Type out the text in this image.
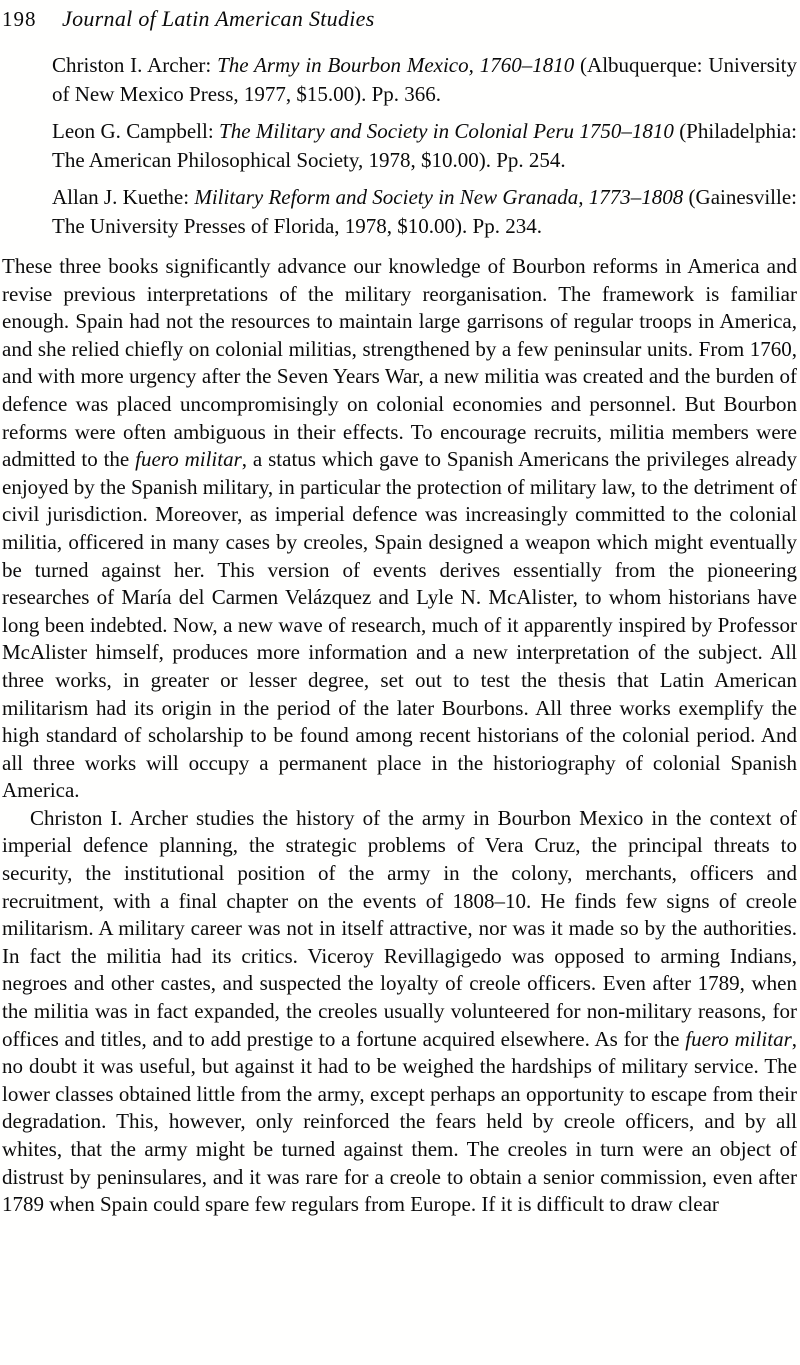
198	Journal of Latin American Studies

Christon I. Archer: The Army in Bourbon Mexico, 1760–1810 (Albuquerque: University of New Mexico Press, 1977, $15.00). Pp. 366.

Leon G. Campbell: The Military and Society in Colonial Peru 1750–1810 (Philadelphia: The American Philosophical Society, 1978, $10.00). Pp. 254.

Allan J. Kuethe: Military Reform and Society in New Granada, 1773–1808 (Gainesville: The University Presses of Florida, 1978, $10.00). Pp. 234.

These three books significantly advance our knowledge of Bourbon reforms in America and revise previous interpretations of the military reorganisation. The framework is familiar enough. Spain had not the resources to maintain large garrisons of regular troops in America, and she relied chiefly on colonial militias, strengthened by a few peninsular units. From 1760, and with more urgency after the Seven Years War, a new militia was created and the burden of defence was placed uncompromisingly on colonial economies and personnel. But Bourbon reforms were often ambiguous in their effects. To encourage recruits, militia members were admitted to the fuero militar, a status which gave to Spanish Americans the privileges already enjoyed by the Spanish military, in particular the protection of military law, to the detriment of civil jurisdiction. Moreover, as imperial defence was increasingly committed to the colonial militia, officered in many cases by creoles, Spain designed a weapon which might eventually be turned against her. This version of events derives essentially from the pioneering researches of María del Carmen Velázquez and Lyle N. McAlister, to whom historians have long been indebted. Now, a new wave of research, much of it apparently inspired by Professor McAlister himself, produces more information and a new interpretation of the subject. All three works, in greater or lesser degree, set out to test the thesis that Latin American militarism had its origin in the period of the later Bourbons. All three works exemplify the high standard of scholarship to be found among recent historians of the colonial period. And all three works will occupy a permanent place in the historiography of colonial Spanish America.

Christon I. Archer studies the history of the army in Bourbon Mexico in the context of imperial defence planning, the strategic problems of Vera Cruz, the principal threats to security, the institutional position of the army in the colony, merchants, officers and recruitment, with a final chapter on the events of 1808–10. He finds few signs of creole militarism. A military career was not in itself attractive, nor was it made so by the authorities. In fact the militia had its critics. Viceroy Revillagigedo was opposed to arming Indians, negroes and other castes, and suspected the loyalty of creole officers. Even after 1789, when the militia was in fact expanded, the creoles usually volunteered for non-military reasons, for offices and titles, and to add prestige to a fortune acquired elsewhere. As for the fuero militar, no doubt it was useful, but against it had to be weighed the hardships of military service. The lower classes obtained little from the army, except perhaps an opportunity to escape from their degradation. This, however, only reinforced the fears held by creole officers, and by all whites, that the army might be turned against them. The creoles in turn were an object of distrust by peninsulares, and it was rare for a creole to obtain a senior commission, even after 1789 when Spain could spare few regulars from Europe. If it is difficult to draw clear
